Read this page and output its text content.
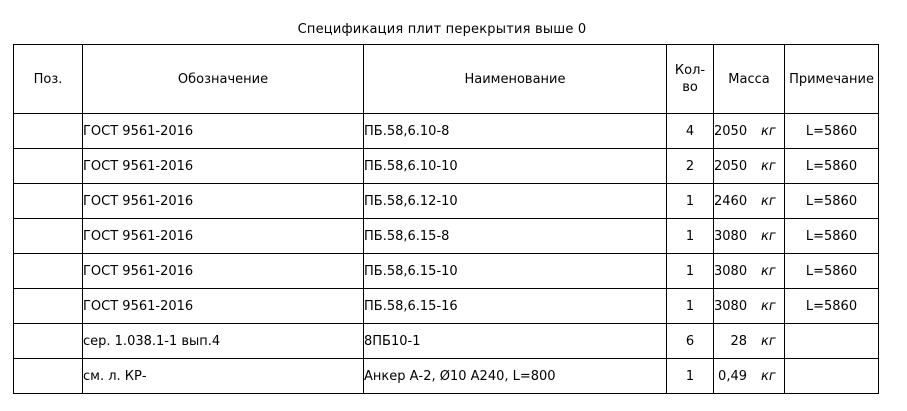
Спецификация плит перекрытия выше 0
Поз.	Обозначение	Наименование	Кол-
во	Масса	Примечание
	ГОСТ 9561-2016	ПБ.58,6.10-8	4	2050 кг	L=5860
	ГОСТ 9561-2016	ПБ.58,6.10-10	2	2050 кг	L=5860
	ГОСТ 9561-2016	ПБ.58,6.12-10	1	2460 кг	L=5860
	ГОСТ 9561-2016	ПБ.58,6.15-8	1	3080 кг	L=5860
	ГОСТ 9561-2016	ПБ.58,6.15-10	1	3080 кг	L=5860
	ГОСТ 9561-2016	ПБ.58,6.15-16	1	3080 кг	L=5860
	сер. 1.038.1-1 вып.4	8ПБ10-1	6	28 кг	
	см. л. КР-	Анкер А-2, Ø10 А240, L=800	1	0,49 кг	
